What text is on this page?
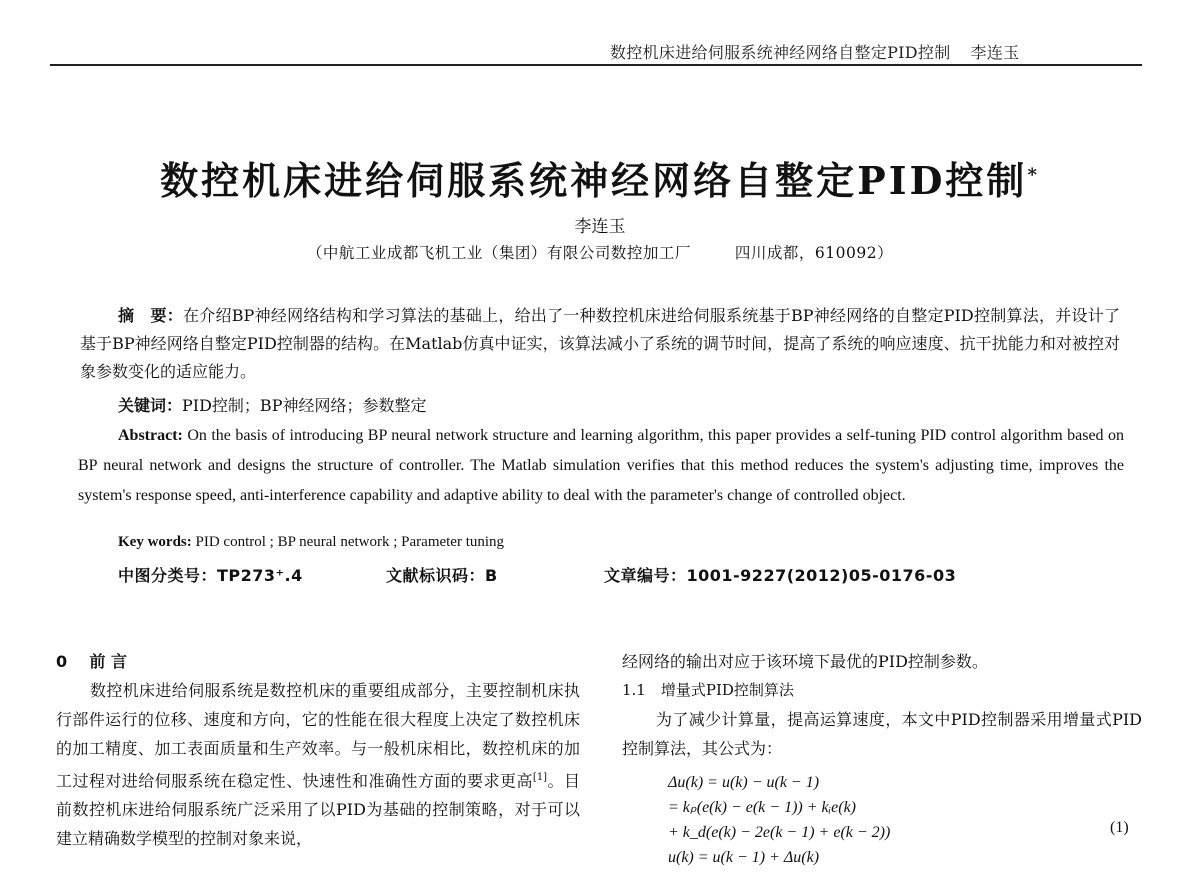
数控机床进给伺服系统神经网络自整定PID控制 李连玉
数控机床进给伺服系统神经网络自整定PID控制*
李连玉
（中航工业成都飞机工业（集团）有限公司数控加工厂	四川成都，610092）
摘　要：在介绍BP神经网络结构和学习算法的基础上，给出了一种数控机床进给伺服系统基于BP神经网络的自整定PID控制算法，并设计了基于BP神经网络自整定PID控制器的结构。在Matlab仿真中证实，该算法减小了系统的调节时间，提高了系统的响应速度、抗干扰能力和对被控对象参数变化的适应能力。
关键词：PID控制；BP神经网络；参数整定
Abstract: On the basis of introducing BP neural network structure and learning algorithm, this paper provides a self-tuning PID control algorithm based on BP neural network and designs the structure of controller. The Matlab simulation verifies that this method reduces the system's adjusting time, improves the system's response speed, anti-interference capability and adaptive ability to deal with the parameter's change of controlled object.
Key words: PID control ; BP neural network ; Parameter tuning
中图分类号：TP273⁺.4	文献标识码：B	文章编号：1001-9227(2012)05-0176-03
0 前 言
数控机床进给伺服系统是数控机床的重要组成部分，主要控制机床执行部件运行的位移、速度和方向，它的性能在很大程度上决定了数控机床的加工精度、加工表面质量和生产效率。与一般机床相比，数控机床的加工过程对进给伺服系统在稳定性、快速性和准确性方面的要求更高[1]。目前数控机床进给伺服系统广泛采用了以PID为基础的控制策略，对于可以建立精确数学模型的控制对象来说，
经网络的输出对应于该环境下最优的PID控制参数。
1.1　增量式PID控制算法
为了减少计算量，提高运算速度，本文中PID控制器采用增量式PID控制算法，其公式为：
Δu(k) = u(k) − u(k − 1)
= kₚ(e(k) − e(k − 1)) + kᵢe(k)
+ k_d(e(k) − 2e(k − 1) + e(k − 2))
u(k) = u(k − 1) + Δu(k)
(1)
